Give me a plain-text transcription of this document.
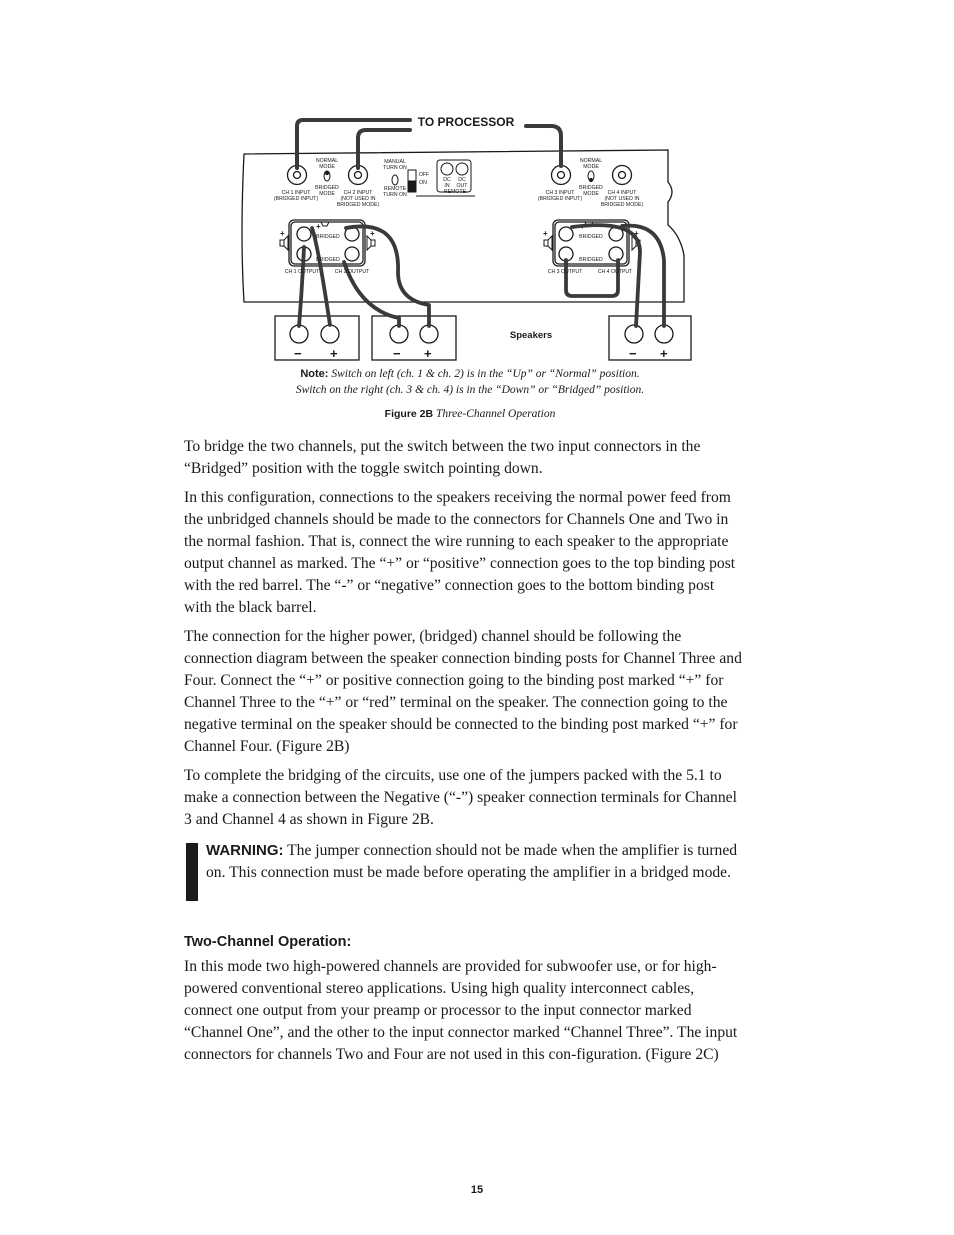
+
+
+	+
+
+
− +	− +	− +
TO PROCESSOR
NORMAL
MODE
BRIDGED
MODE
CH 1 INPUT
(BRIDGED INPUT)
CH 2 INPUT
(NOT USED IN
BRIDGED MODE)
MANUAL
TURN ON
REMOTE
TURN ON
OFF
ON	DC
IN
DC
OUT
REMOTE
NORMAL
MODE
BRIDGED
MODE
CH 3 INPUT
(BRIDGED INPUT)
CH 4 INPUT
(NOT USED IN
BRIDGED MODE)
BRIDGED
BRIDGED
BRIDGED
BRIDGED
CH 1 OUTPUT	CH 2 OUTPUT	CH 3 OUTPUT	CH 4 OUTPUT
Speakers
Note: Switch on left (ch. 1 & ch. 2) is in the “Up” or “Normal” position.
Switch on the right (ch. 3 & ch. 4) is in the “Down” or “Bridged” position.
Figure 2B Three-Channel Operation

To bridge the two channels, put the switch between the two input connectors in the “Bridged” position with the toggle switch pointing down.

In this configuration, connections to the speakers receiving the normal power feed from the unbridged channels should be made to the connectors for Channels One and Two in the normal fashion. That is, connect the wire running to each speaker to the appropriate output channel as marked. The “+” or “positive” connection goes to the top binding post with the red barrel. The “-” or “negative” connection goes to the bottom binding post with the black barrel.

The connection for the higher power, (bridged) channel should be following the connection diagram between the speaker connection binding posts for Channel Three and Four. Connect the “+” or positive connection going to the binding post marked “+” for Channel Three to the “+” or “red” terminal on the speaker. The connection going to the negative terminal on the speaker should be connected to the binding post marked “+” for Channel Four. (Figure 2B)

To complete the bridging of the circuits, use one of the jumpers packed with the 5.1 to make a connection between the Negative (“-”) speaker connection terminals for Channel 3 and Channel 4 as shown in Figure 2B.

WARNING: The jumper connection should not be made when the amplifier is turned on. This connection must be made before operating the amplifier in a bridged mode.

Two-Channel Operation:

In this mode two high-powered channels are provided for subwoofer use, or for high-powered conventional stereo applications. Using high quality interconnect cables, connect one output from your preamp or processor to the input connector marked “Channel One”, and the other to the input connector marked “Channel Three”. The input connectors for channels Two and Four are not used in this con-figuration. (Figure 2C)

15
